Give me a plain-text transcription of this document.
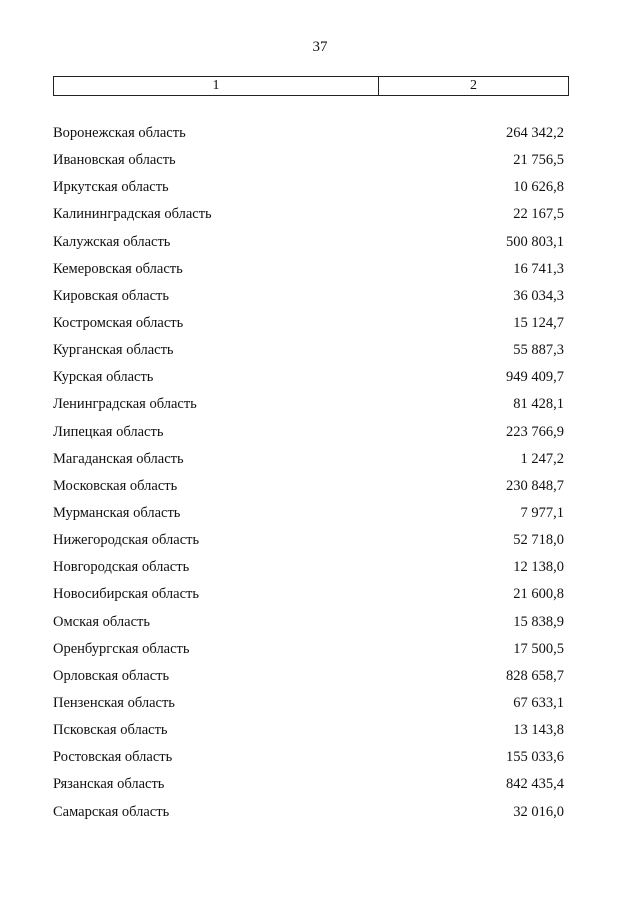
37
1	2
Воронежская область	264 342,2
Ивановская область	21 756,5
Иркутская область	10 626,8
Калининградская область	22 167,5
Калужская область	500 803,1
Кемеровская область	16 741,3
Кировская область	36 034,3
Костромская область	15 124,7
Курганская область	55 887,3
Курская область	949 409,7
Ленинградская область	81 428,1
Липецкая область	223 766,9
Магаданская область	1 247,2
Московская область	230 848,7
Мурманская область	7 977,1
Нижегородская область	52 718,0
Новгородская область	12 138,0
Новосибирская область	21 600,8
Омская область	15 838,9
Оренбургская область	17 500,5
Орловская область	828 658,7
Пензенская область	67 633,1
Псковская область	13 143,8
Ростовская область	155 033,6
Рязанская область	842 435,4
Самарская область	32 016,0
